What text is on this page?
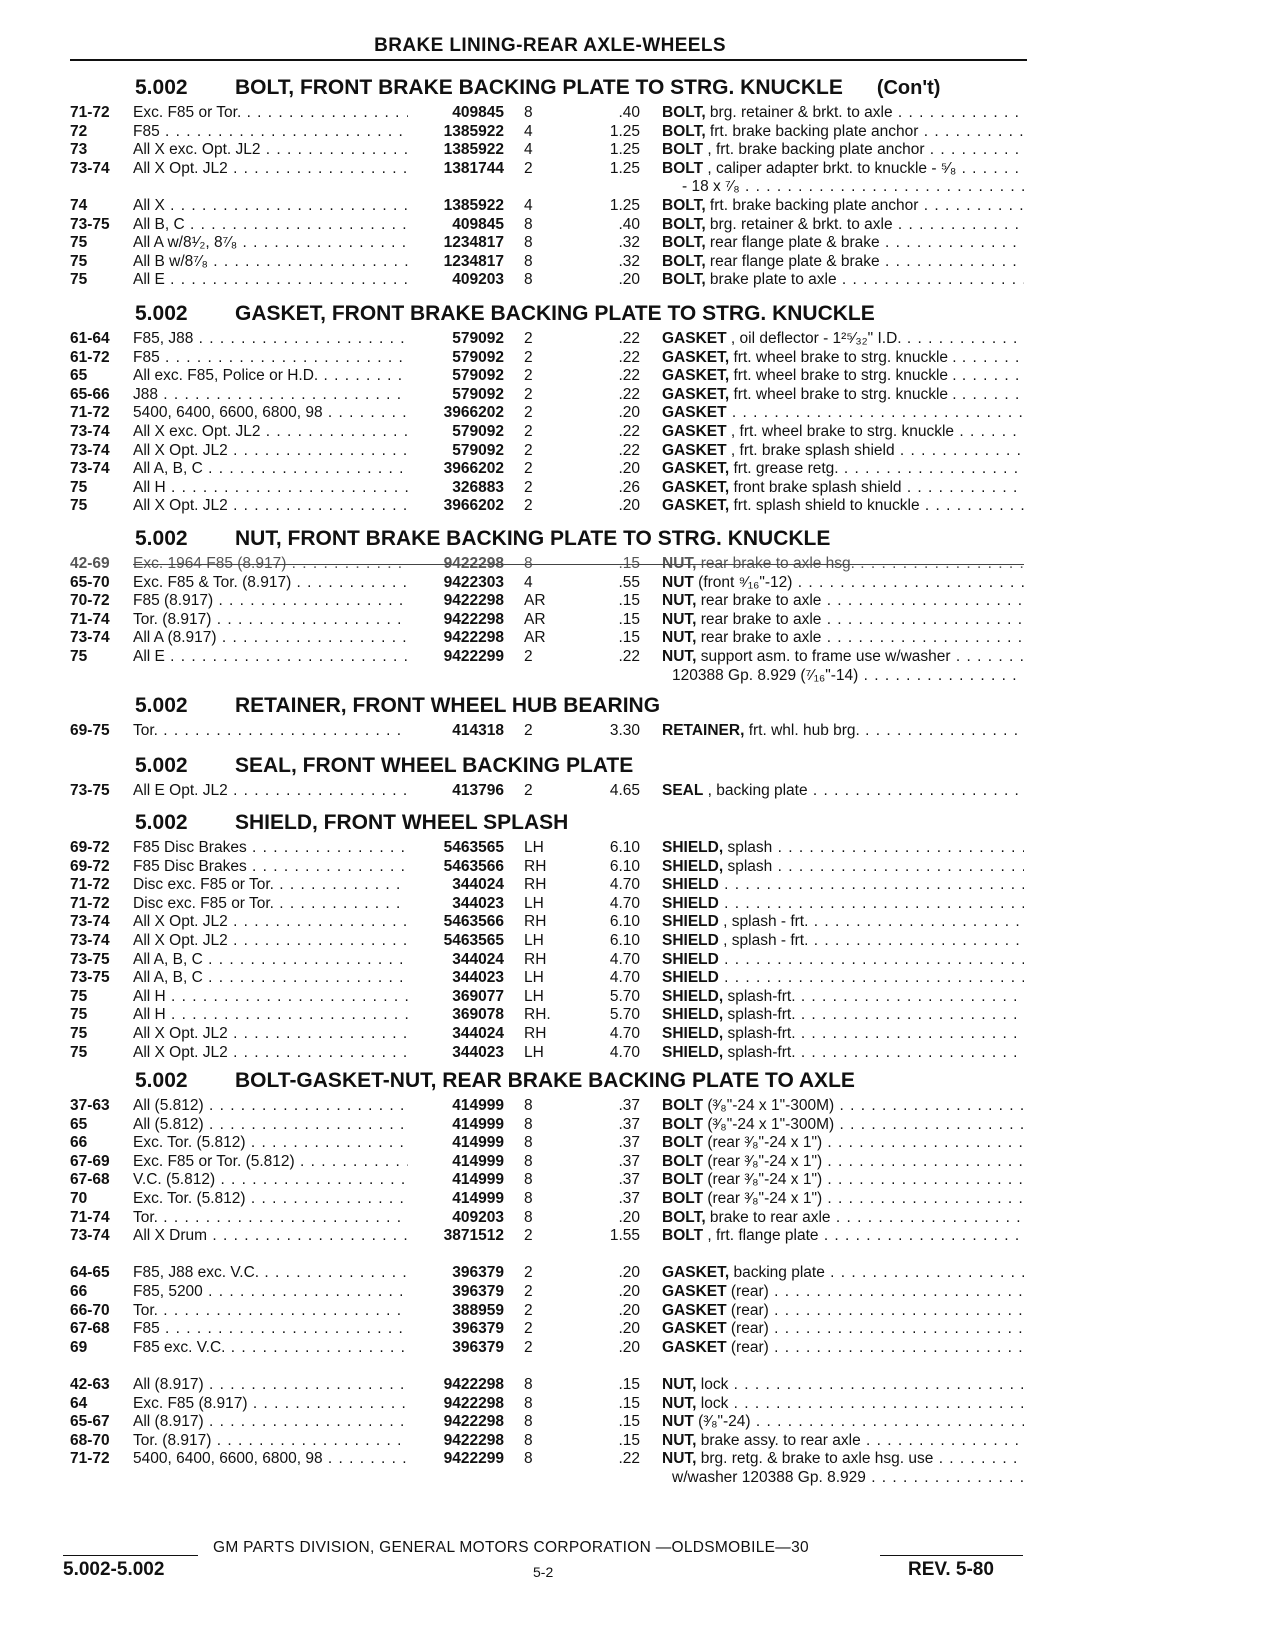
BRAKE LINING-REAR AXLE-WHEELS
5.002 BOLT, FRONT BRAKE BACKING PLATE TO STRG. KNUCKLE (Con't)
71-72	Exc. F85 or Tor. . . .	409845 8	.40 BOLT, brg. retainer & brkt. to axle . . .
72	F85 . . .	1385922 4	1.25 BOLT, frt. brake backing plate anchor . . .
73	All X exc. Opt. JL2 . . .	1385922 4	1.25 BOLT , frt. brake backing plate anchor . . .
73-74	All X Opt. JL2 . . .	1381744 2	1.25 BOLT , caliper adapter brkt. to knuckle - ⁵⁄₈ . . .
- 18 x ⁷⁄₈ . . .
74	All X . . .	1385922 4	1.25 BOLT, frt. brake backing plate anchor . . .
73-75	All B, C . . .	409845 8	.40 BOLT, brg. retainer & brkt. to axle . . .
75	All A w/8¹⁄₂, 8⁷⁄₈ . . .	1234817 8	.32 BOLT, rear flange plate & brake . . .
75	All B w/8⁷⁄₈ . . .	1234817 8	.32 BOLT, rear flange plate & brake . . .
75	All E . . .	409203 8	.20 BOLT, brake plate to axle . . .
5.002 GASKET, FRONT BRAKE BACKING PLATE TO STRG. KNUCKLE
61-64	F85, J88 . . .	579092 2	.22 GASKET , oil deflector - 1²⁵⁄₃₂" I.D. . . .
61-72	F85 . . .	579092 2	.22 GASKET, frt. wheel brake to strg. knuckle . . . .
65	All exc. F85, Police or H.D. . . .	579092 2	.22 GASKET, frt. wheel brake to strg. knuckle . . . .
65-66	J88 . . .	579092 2	.22 GASKET, frt. wheel brake to strg. knuckle . . . .
71-72	5400, 6400, 6600, 6800, 98 . . .	3966202 2	.20 GASKET . . .
73-74	All X exc. Opt. JL2 . . .	579092 2	.22 GASKET , frt. wheel brake to strg. knuckle . . .
73-74	All X Opt. JL2 . . .	579092 2	.22 GASKET , frt. brake splash shield . . .
73-74	All A, B, C . . .	3966202 2	.20 GASKET, frt. grease retg. . . .
75	All H . . .	326883 2	.26 GASKET, front brake splash shield . . .
75	All X Opt. JL2 . . .	3966202 2	.20 GASKET, frt. splash shield to knuckle . . .
5.002 NUT, FRONT BRAKE BACKING PLATE TO STRG. KNUCKLE
42-69	Exc. 1964 F85 (8.917) . . .	9422298 8	.15 NUT, rear brake to axle hsg. . . .
65-70	Exc. F85 & Tor. (8.917) . . .	9422303 4	.55 NUT (front ⁹⁄₁₆"-12) . . .
70-72	F85 (8.917) . . .	9422298 AR	.15 NUT, rear brake to axle . . .
71-74	Tor. (8.917) . . .	9422298 AR	.15 NUT, rear brake to axle . . .
73-74	All A (8.917) . . .	9422298 AR	.15 NUT, rear brake to axle . . .
75	All E . . .	9422299 2	.22 NUT, support asm. to frame use w/washer . . .
120388 Gp. 8.929 (⁷⁄₁₆"-14) . . .
5.002 RETAINER, FRONT WHEEL HUB BEARING
69-75	Tor. . . .	414318 2	3.30 RETAINER, frt. whl. hub brg. . . .
5.002 SEAL, FRONT WHEEL BACKING PLATE
73-75	All E Opt. JL2 . . .	413796 2	4.65 SEAL , backing plate . . .
5.002 SHIELD, FRONT WHEEL SPLASH
69-72	F85 Disc Brakes . . .	5463565 LH	6.10 SHIELD, splash . . .
69-72	F85 Disc Brakes . . .	5463566 RH	6.10 SHIELD, splash . . .
71-72	Disc exc. F85 or Tor. . . .	344024 RH	4.70 SHIELD . . .
71-72	Disc exc. F85 or Tor. . . .	344023 LH	4.70 SHIELD . . .
73-74	All X Opt. JL2 . . .	5463566 RH	6.10 SHIELD , splash - frt. . . .
73-74	All X Opt. JL2 . . .	5463565 LH	6.10 SHIELD , splash - frt. . . .
73-75	All A, B, C . . .	344024 RH	4.70 SHIELD . . .
73-75	All A, B, C . . .	344023 LH	4.70 SHIELD . . .
75	All H . . .	369077 LH	5.70 SHIELD, splash-frt. . . .
75	All H . . .	369078 RH.	5.70 SHIELD, splash-frt. . . .
75	All X Opt. JL2 . . .	344024 RH	4.70 SHIELD, splash-frt. . . .
75	All X Opt. JL2 . . .	344023 LH	4.70 SHIELD, splash-frt. . . .
5.002 BOLT-GASKET-NUT, REAR BRAKE BACKING PLATE TO AXLE
37-63	All (5.812) . . .	414999 8	.37 BOLT (³⁄₈"-24 x 1"-300M) . . .
65	All (5.812) . . .	414999 8	.37 BOLT (³⁄₈"-24 x 1"-300M) . . .
66	Exc. Tor. (5.812) . . .	414999 8	.37 BOLT (rear ³⁄₈"-24 x 1") . . .
67-69	Exc. F85 or Tor. (5.812) . . .	414999 8	.37 BOLT (rear ³⁄₈"-24 x 1") . . .
67-68	V.C. (5.812) . . .	414999 8	.37 BOLT (rear ³⁄₈"-24 x 1") . . .
70	Exc. Tor. (5.812) . . .	414999 8	.37 BOLT (rear ³⁄₈"-24 x 1") . . .
71-74	Tor. . . .	409203 8	.20 BOLT, brake to rear axle . . .
73-74	All X Drum . . .	3871512 2	1.55 BOLT , frt. flange plate . . .
64-65	F85, J88 exc. V.C. . . .	396379 2	.20 GASKET, backing plate . . .
66	F85, 5200 . . .	396379 2	.20 GASKET (rear) . . .
66-70	Tor. . . .	388959 2	.20 GASKET (rear) . . .
67-68	F85 . . .	396379 2	.20 GASKET (rear) . . .
69	F85 exc. V.C. . . .	396379 2	.20 GASKET (rear) . . .
42-63	All (8.917) . . .	9422298 8	.15 NUT, lock . . .
64	Exc. F85 (8.917) . . .	9422298 8	.15 NUT, lock . . .
65-67	All (8.917) . . .	9422298 8	.15 NUT (³⁄₈"-24) . . .
68-70	Tor. (8.917) . . .	9422298 8	.15 NUT, brake assy. to rear axle . . .
71-72	5400, 6400, 6600, 6800, 98 . . .	9422299 8	.22 NUT, brg. retg. & brake to axle hsg. use . . .
w/washer 120388 Gp. 8.929 . . .
GM PARTS DIVISION, GENERAL MOTORS CORPORATION —OLDSMOBILE—30
5.002-5.002	5-2	REV. 5-80
